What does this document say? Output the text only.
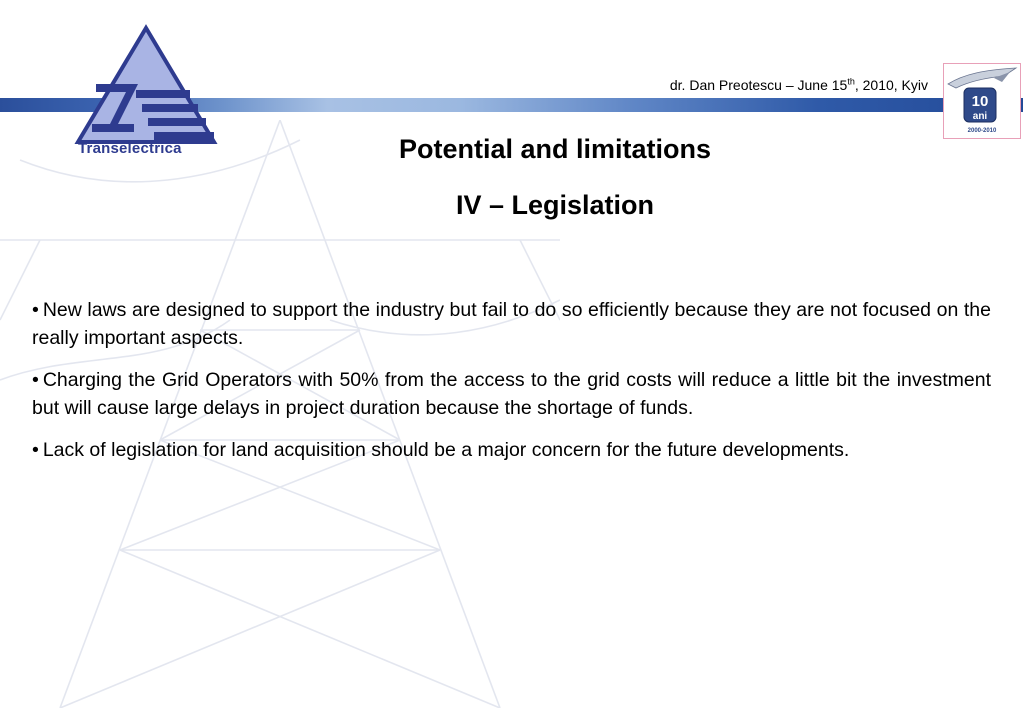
Transelectrica
dr. Dan Preotescu – June 15th, 2010, Kyiv
10
ani
2000-2010
Potential and limitations
IV – Legislation
• New laws are designed to support the industry but fail to do so efficiently because they are not focused on the really important aspects.
• Charging the Grid Operators with 50% from the access to the grid costs will reduce a little bit the investment but will cause large delays in project duration because the shortage of funds.
• Lack of legislation for land acquisition should be a major concern for the future developments.
